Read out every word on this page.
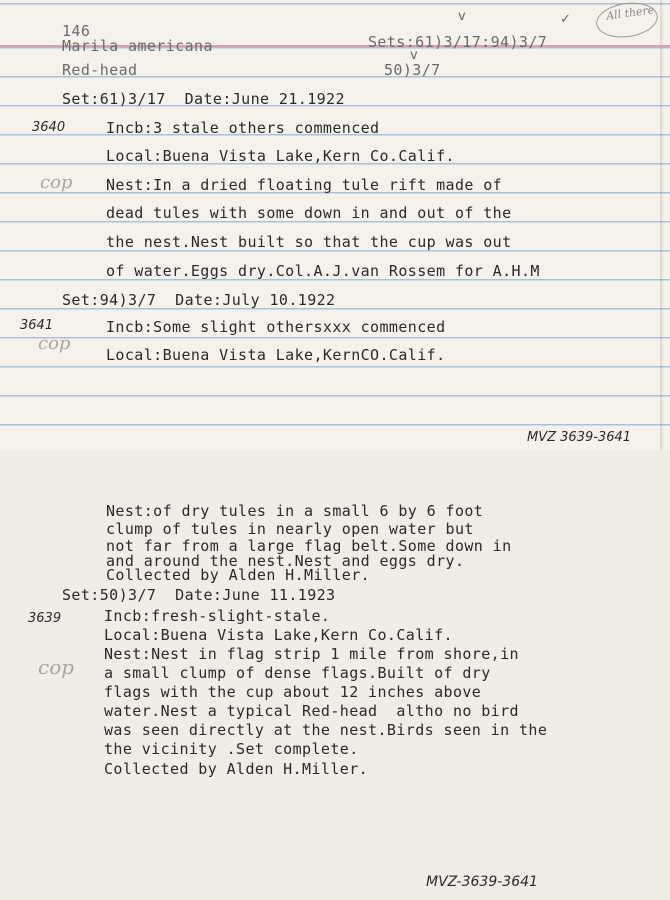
146
Marila americana
Red-head
Sets:61)3/17:94)3/7
50)3/7
v
v
✓	All there
Set:61)3/17  Date:June 21.1922
3640	Incb:3 stale others commenced
Local:Buena Vista Lake,Kern Co.Calif.
cop Nest:In a dried floating tule rift made of
dead tules with some down in and out of the
the nest.Nest built so that the cup was out
of water.Eggs dry.Col.A.J.van Rossem for A.H.M
Set:94)3/7  Date:July 10.1922
3641	Incb:Some slight othersxxx commenced
cop
Local:Buena Vista Lake,KernCO.Calif.
MVZ 3639-3641
Nest:of dry tules in a small 6 by 6 foot
clump of tules in nearly open water but
not far from a large flag belt.Some down in
and around the nest.Nest and eggs dry.
Collected by Alden H.Miller.
Set:50)3/7  Date:June 11.1923
3639	Incb:fresh-slight-stale.
Local:Buena Vista Lake,Kern Co.Calif.
cop
Nest:Nest in flag strip 1 mile from shore,in
a small clump of dense flags.Built of dry
flags with the cup about 12 inches above
water.Nest a typical Red-head  altho no bird
was seen directly at the nest.Birds seen in the
the vicinity .Set complete.
Collected by Alden H.Miller.
MVZ-3639-3641
